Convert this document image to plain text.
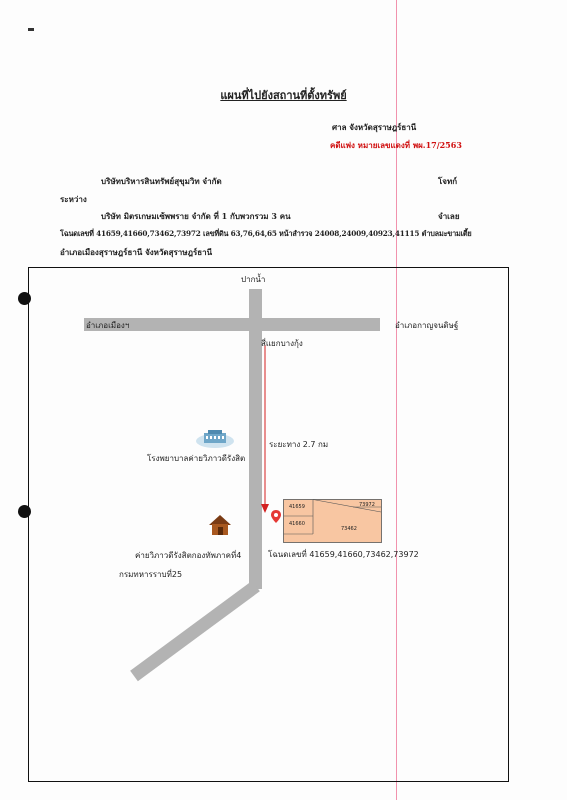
แผนที่ไปยังสถานที่ตั้งทรัพย์
ศาล จังหวัดสุราษฎร์ธานี
คดีแพ่ง หมายเลขแดงที่ พผ.17/2563
บริษัทบริหารสินทรัพย์สุขุมวิท จำกัด	โจทก์
ระหว่าง
บริษัท มิตรเกษมเซ้พพราย จำกัด ที่ 1 กับพวกรวม 3 คน	จำเลย
โฉนดเลขที่ 41659,41660,73462,73972 เลขที่ดิน 63,76,64,65 หน้าสำรวจ 24008,24009,40923,41115 ตำบลมะขามเตี้ย
อำเภอเมืองสุราษฎร์ธานี จังหวัดสุราษฎร์ธานี
ปากน้ำ
อำเภอเมืองฯ	อำเภอกาญจนดิษฐ์
สี่แยกบางกุ้ง
ระยะทาง 2.7 กม
โรงพยาบาลค่ายวิภาวดีรังสิต
ค่ายวิภาวดีรังสิตกองทัพภาคที่4
กรมทหารราบที่25
41659
41660
73462
73972
โฉนดเลขที่ 41659,41660,73462,73972
